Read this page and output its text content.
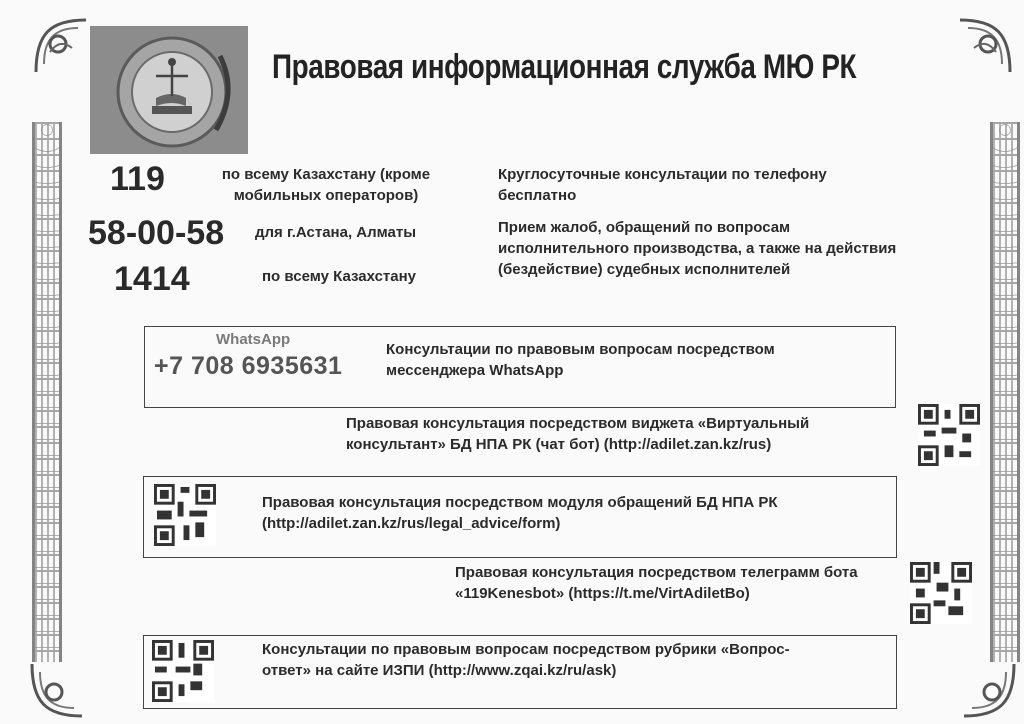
Правовая информационная служба МЮ РК
119	по всему Казахстану (кроме мобильных операторов)
58-00-58 для г.Астана, Алматы
1414	по всему Казахстану
Круглосуточные консультации по телефону бесплатно
Прием жалоб, обращений по вопросам исполнительного производства, а также на действия (бездействие) судебных исполнителей
WhatsApp
+7 708 6935631
Консультации по правовым вопросам посредством мессенджера WhatsApp
Правовая консультация посредством виджета «Виртуальный консультант» БД НПА РК (чат бот) (http://adilet.zan.kz/rus)
Правовая консультация посредством модуля обращений БД НПА РК (http://adilet.zan.kz/rus/legal_advice/form)
Правовая консультация посредством телеграмм бота «119Kenesbot» (https://t.me/VirtAdiletBo)
Консультации по правовым вопросам посредством рубрики «Вопрос-ответ» на сайте ИЗПИ (http://www.zqai.kz/ru/ask)
